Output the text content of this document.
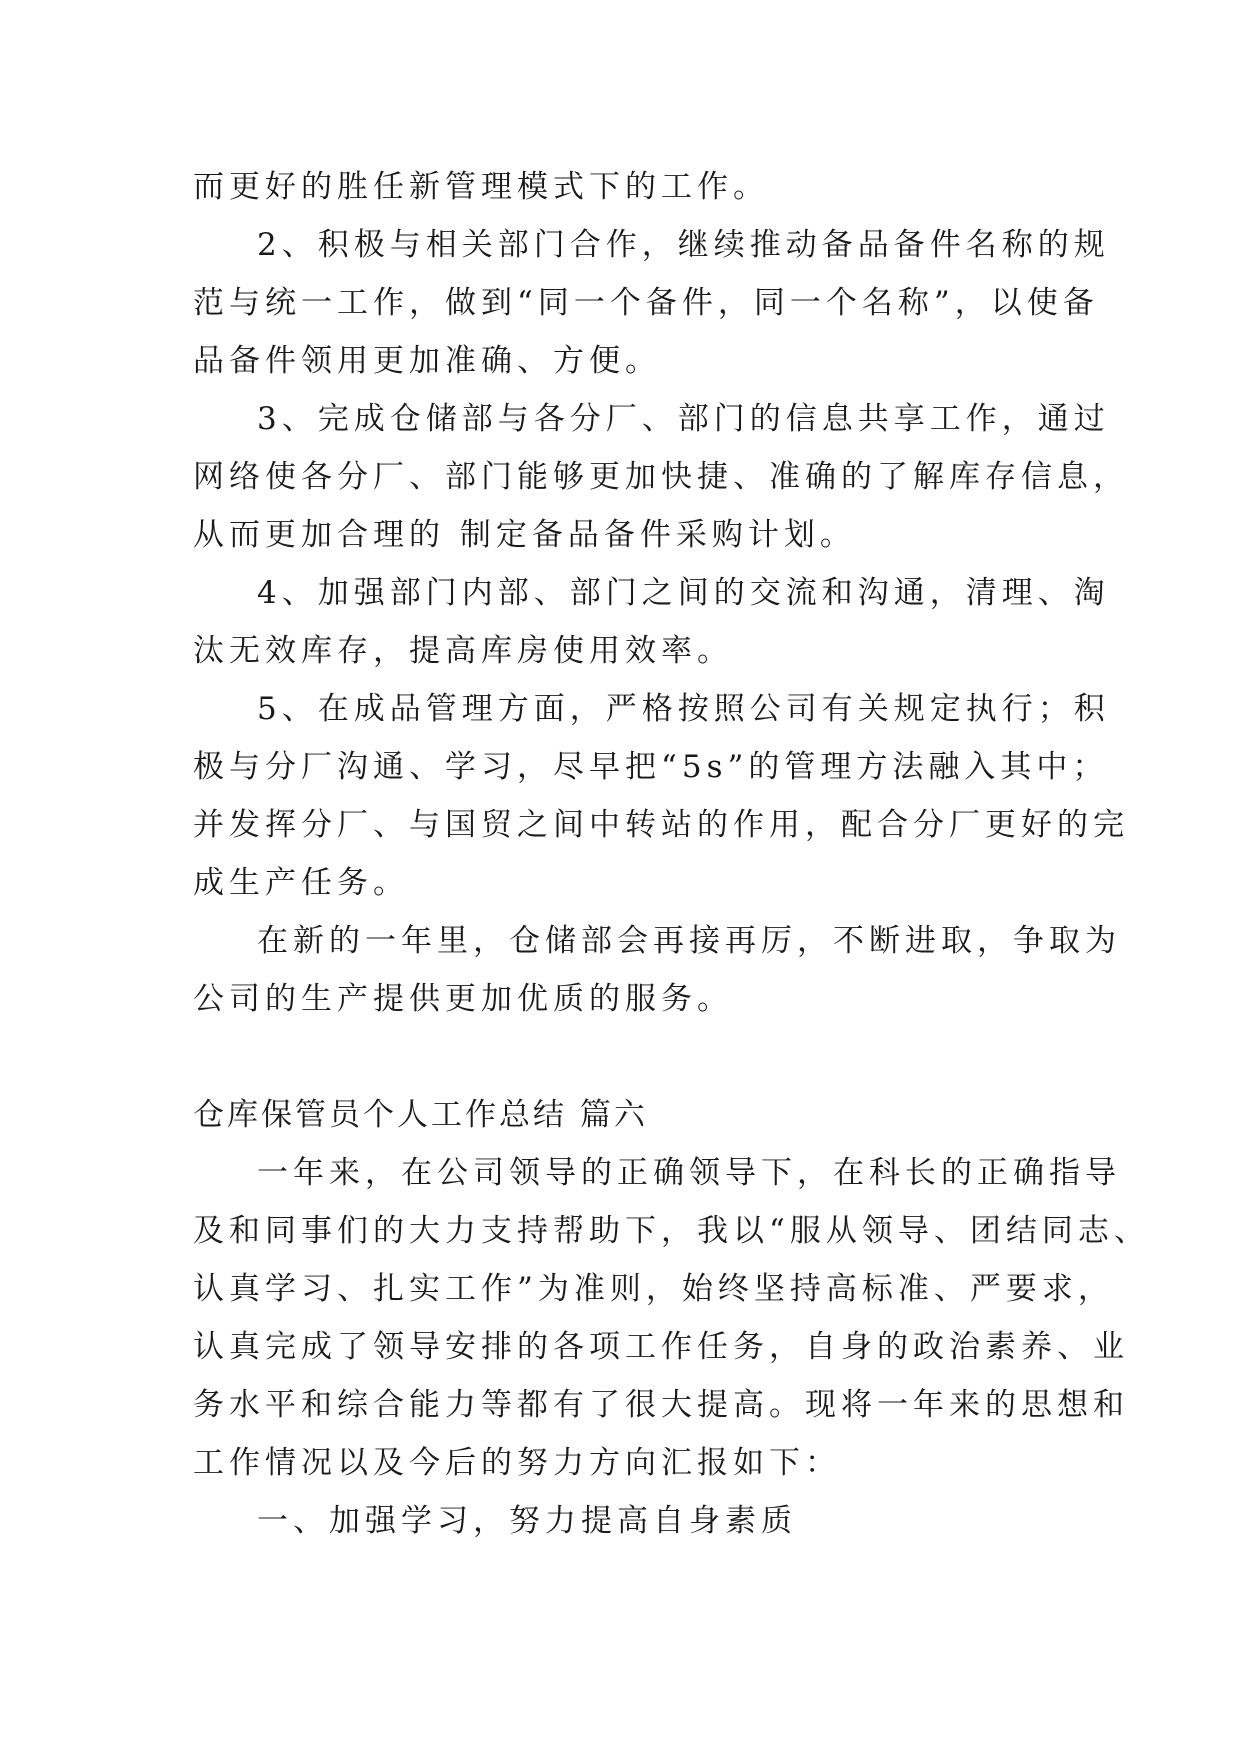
而更好的胜任新管理模式下的工作。
2、积极与相关部门合作，继续推动备品备件名称的规
范与统一工作，做到“同一个备件，同一个名称”，以使备
品备件领用更加准确、方便。
3、完成仓储部与各分厂、部门的信息共享工作，通过
网络使各分厂、部门能够更加快捷、准确的了解库存信息，
从而更加合理的 制定备品备件采购计划。
4、加强部门内部、部门之间的交流和沟通，清理、淘
汰无效库存，提高库房使用效率。
5、在成品管理方面，严格按照公司有关规定执行；积
极与分厂沟通、学习，尽早把“5s”的管理方法融入其中；
并发挥分厂、与国贸之间中转站的作用，配合分厂更好的完
成生产任务。
在新的一年里，仓储部会再接再厉，不断进取，争取为
公司的生产提供更加优质的服务。
仓库保管员个人工作总结 篇六
一年来，在公司领导的正确领导下，在科长的正确指导
及和同事们的大力支持帮助下，我以“服从领导、团结同志、
认真学习、扎实工作”为准则，始终坚持高标准、严要求，
认真完成了领导安排的各项工作任务，自身的政治素养、业
务水平和综合能力等都有了很大提高。现将一年来的思想和
工作情况以及今后的努力方向汇报如下：
一、加强学习，努力提高自身素质
